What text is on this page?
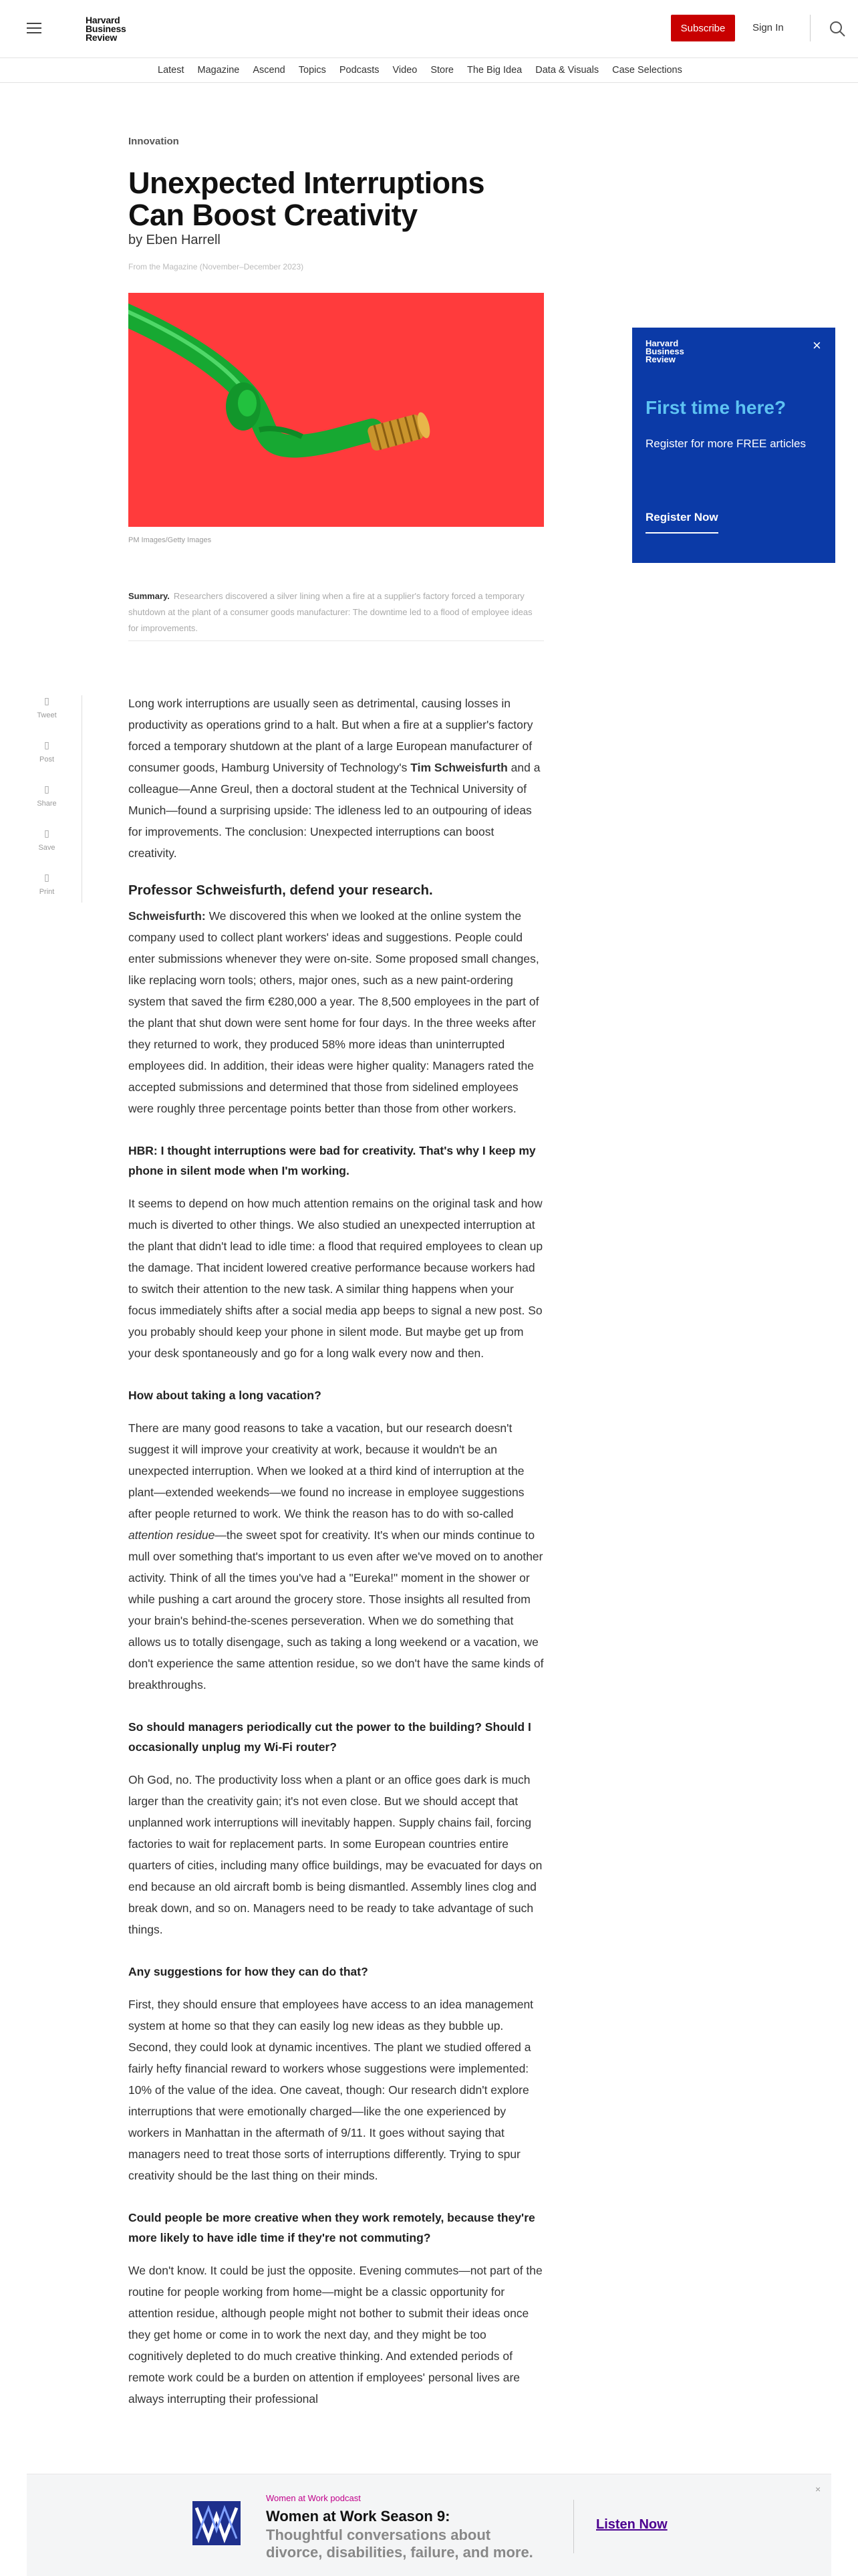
Harvard
Business
Review
Subscribe	Sign In
Latest Magazine Ascend Topics Podcasts Video Store The Big Idea Data & Visuals Case Selections
Innovation
Unexpected Interruptions Can Boost Creativity
by Eben Harrell
From the Magazine (November–December 2023)
PM Images/Getty Images
Summary. Researchers discovered a silver lining when a fire at a supplier's factory forced a temporary shutdown at the plant of a consumer goods manufacturer: The downtime led to a flood of employee ideas for improvements.
Harvard
Business
Review
×
First time here?
Register for more FREE articles
Register Now
▯
Tweet
▯
Post
▯
Share
▯
Save
▯
Print

Long work interruptions are usually seen as detrimental, causing losses in productivity as operations grind to a halt. But when a fire at a supplier's factory forced a temporary shutdown at the plant of a large European manufacturer of consumer goods, Hamburg University of Technology's Tim Schweisfurth and a colleague—Anne Greul, then a doctoral student at the Technical University of Munich—found a surprising upside: The idleness led to an outpouring of ideas for improvements. The conclusion: Unexpected interruptions can boost creativity.

Professor Schweisfurth, defend your research.

Schweisfurth: We discovered this when we looked at the online system the company used to collect plant workers' ideas and suggestions. People could enter submissions whenever they were on-site. Some proposed small changes, like replacing worn tools; others, major ones, such as a new paint-ordering system that saved the firm €280,000 a year. The 8,500 employees in the part of the plant that shut down were sent home for four days. In the three weeks after they returned to work, they produced 58% more ideas than uninterrupted employees did. In addition, their ideas were higher quality: Managers rated the accepted submissions and determined that those from sidelined employees were roughly three percentage points better than those from other workers.

HBR: I thought interruptions were bad for creativity. That's why I keep my phone in silent mode when I'm working.

It seems to depend on how much attention remains on the original task and how much is diverted to other things. We also studied an unexpected interruption at the plant that didn't lead to idle time: a flood that required employees to clean up the damage. That incident lowered creative performance because workers had to switch their attention to the new task. A similar thing happens when your focus immediately shifts after a social media app beeps to signal a new post. So you probably should keep your phone in silent mode. But maybe get up from your desk spontaneously and go for a long walk every now and then.

How about taking a long vacation?

There are many good reasons to take a vacation, but our research doesn't suggest it will improve your creativity at work, because it wouldn't be an unexpected interruption. When we looked at a third kind of interruption at the plant—extended weekends—we found no increase in employee suggestions after people returned to work. We think the reason has to do with so-called attention residue—the sweet spot for creativity. It's when our minds continue to mull over something that's important to us even after we've moved on to another activity. Think of all the times you've had a "Eureka!" moment in the shower or while pushing a cart around the grocery store. Those insights all resulted from your brain's behind-the-scenes perseveration. When we do something that allows us to totally disengage, such as taking a long weekend or a vacation, we don't experience the same attention residue, so we don't have the same kinds of breakthroughs.

So should managers periodically cut the power to the building? Should I occasionally unplug my Wi-Fi router?

Oh God, no. The productivity loss when a plant or an office goes dark is much larger than the creativity gain; it's not even close. But we should accept that unplanned work interruptions will inevitably happen. Supply chains fail, forcing factories to wait for replacement parts. In some European countries entire quarters of cities, including many office buildings, may be evacuated for days on end because an old aircraft bomb is being dismantled. Assembly lines clog and break down, and so on. Managers need to be ready to take advantage of such things.

Any suggestions for how they can do that?

First, they should ensure that employees have access to an idea management system at home so that they can easily log new ideas as they bubble up. Second, they could look at dynamic incentives. The plant we studied offered a fairly hefty financial reward to workers whose suggestions were implemented: 10% of the value of the idea. One caveat, though: Our research didn't explore interruptions that were emotionally charged—like the one experienced by workers in Manhattan in the aftermath of 9/11. It goes without saying that managers need to treat those sorts of interruptions differently. Trying to spur creativity should be the last thing on their minds.

Could people be more creative when they work remotely, because they're more likely to have idle time if they're not commuting?

We don't know. It could be just the opposite. Evening commutes—not part of the routine for people working from home—might be a classic opportunity for attention residue, although people might not bother to submit their ideas once they get home or come in to work the next day, and they might be too cognitively depleted to do much creative thinking. And extended periods of remote work could be a burden on attention if employees' personal lives are always interrupting their professional

Women at Work podcast
Women at Work Season 9:
Thoughtful conversations about divorce, disabilities, failure, and more.
Listen Now
×
